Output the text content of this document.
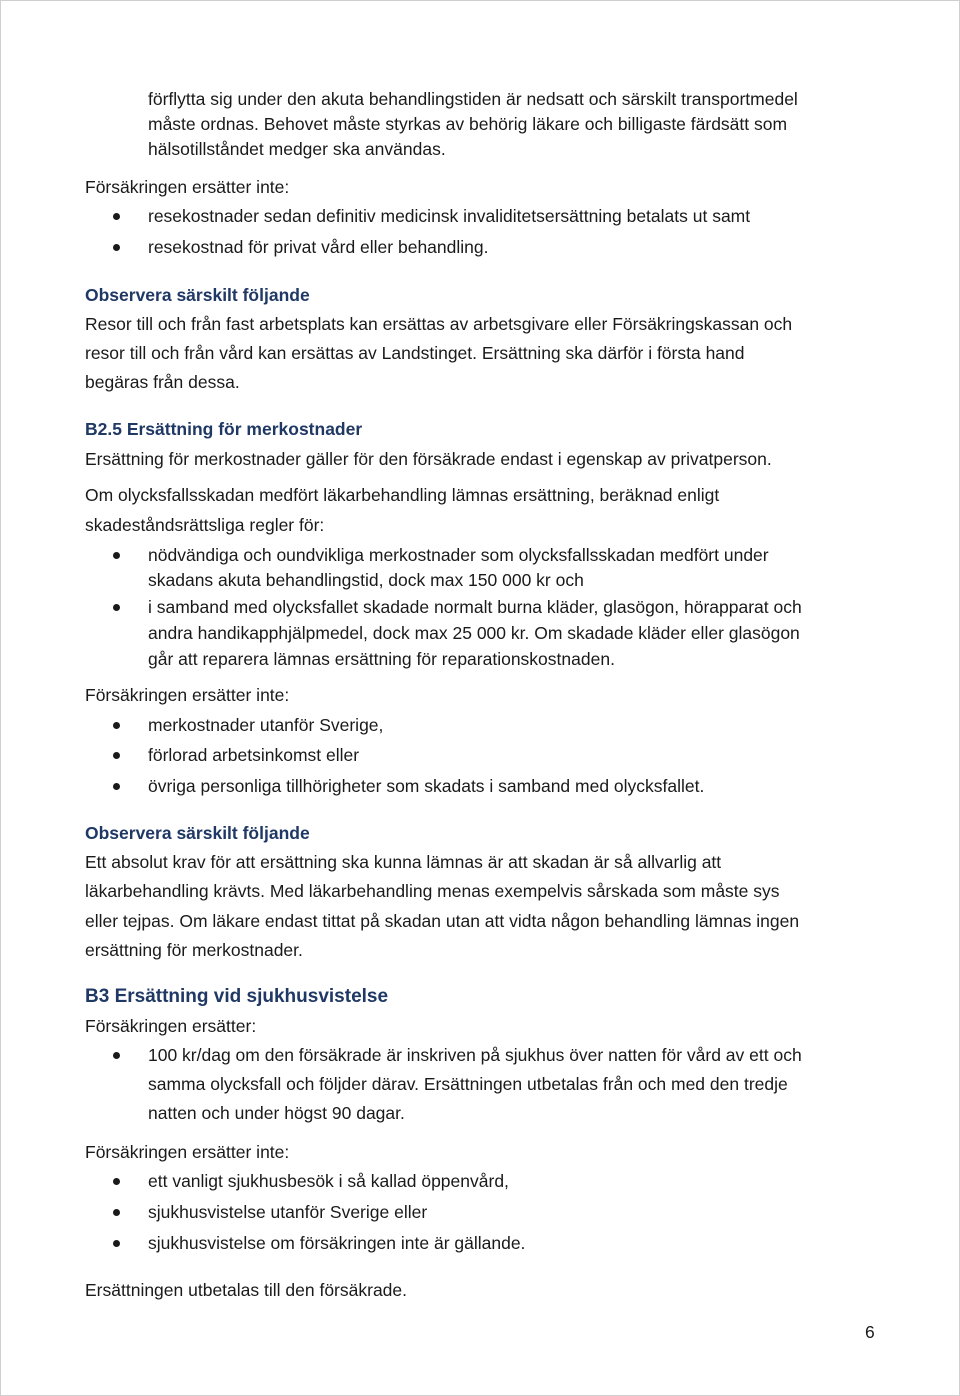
förflytta sig under den akuta behandlingstiden är nedsatt och särskilt transportmedel
måste ordnas. Behovet måste styrkas av behörig läkare och billigaste färdsätt som
hälsotillståndet medger ska användas.
Försäkringen ersätter inte:
resekostnader sedan definitiv medicinsk invaliditetsersättning betalats ut samt
resekostnad för privat vård eller behandling.
Observera särskilt följande
Resor till och från fast arbetsplats kan ersättas av arbetsgivare eller Försäkringskassan och
resor till och från vård kan ersättas av Landstinget. Ersättning ska därför i första hand
begäras från dessa.
B2.5 Ersättning för merkostnader
Ersättning för merkostnader gäller för den försäkrade endast i egenskap av privatperson.
Om olycksfallsskadan medfört läkarbehandling lämnas ersättning, beräknad enligt
skadeståndsrättsliga regler för:
nödvändiga och oundvikliga merkostnader som olycksfallsskadan medfört under
skadans akuta behandlingstid, dock max 150 000 kr och
i samband med olycksfallet skadade normalt burna kläder, glasögon, hörapparat och
andra handikapphjälpmedel, dock max 25 000 kr. Om skadade kläder eller glasögon
går att reparera lämnas ersättning för reparationskostnaden.
Försäkringen ersätter inte:
merkostnader utanför Sverige,
förlorad arbetsinkomst eller
övriga personliga tillhörigheter som skadats i samband med olycksfallet.
Observera särskilt följande
Ett absolut krav för att ersättning ska kunna lämnas är att skadan är så allvarlig att
läkarbehandling krävts. Med läkarbehandling menas exempelvis sårskada som måste sys
eller tejpas. Om läkare endast tittat på skadan utan att vidta någon behandling lämnas ingen
ersättning för merkostnader.
B3 Ersättning vid sjukhusvistelse
Försäkringen ersätter:
100 kr/dag om den försäkrade är inskriven på sjukhus över natten för vård av ett och
samma olycksfall och följder därav. Ersättningen utbetalas från och med den tredje
natten och under högst 90 dagar.
Försäkringen ersätter inte:
ett vanligt sjukhusbesök i så kallad öppenvård,
sjukhusvistelse utanför Sverige eller
sjukhusvistelse om försäkringen inte är gällande.
Ersättningen utbetalas till den försäkrade.
6
